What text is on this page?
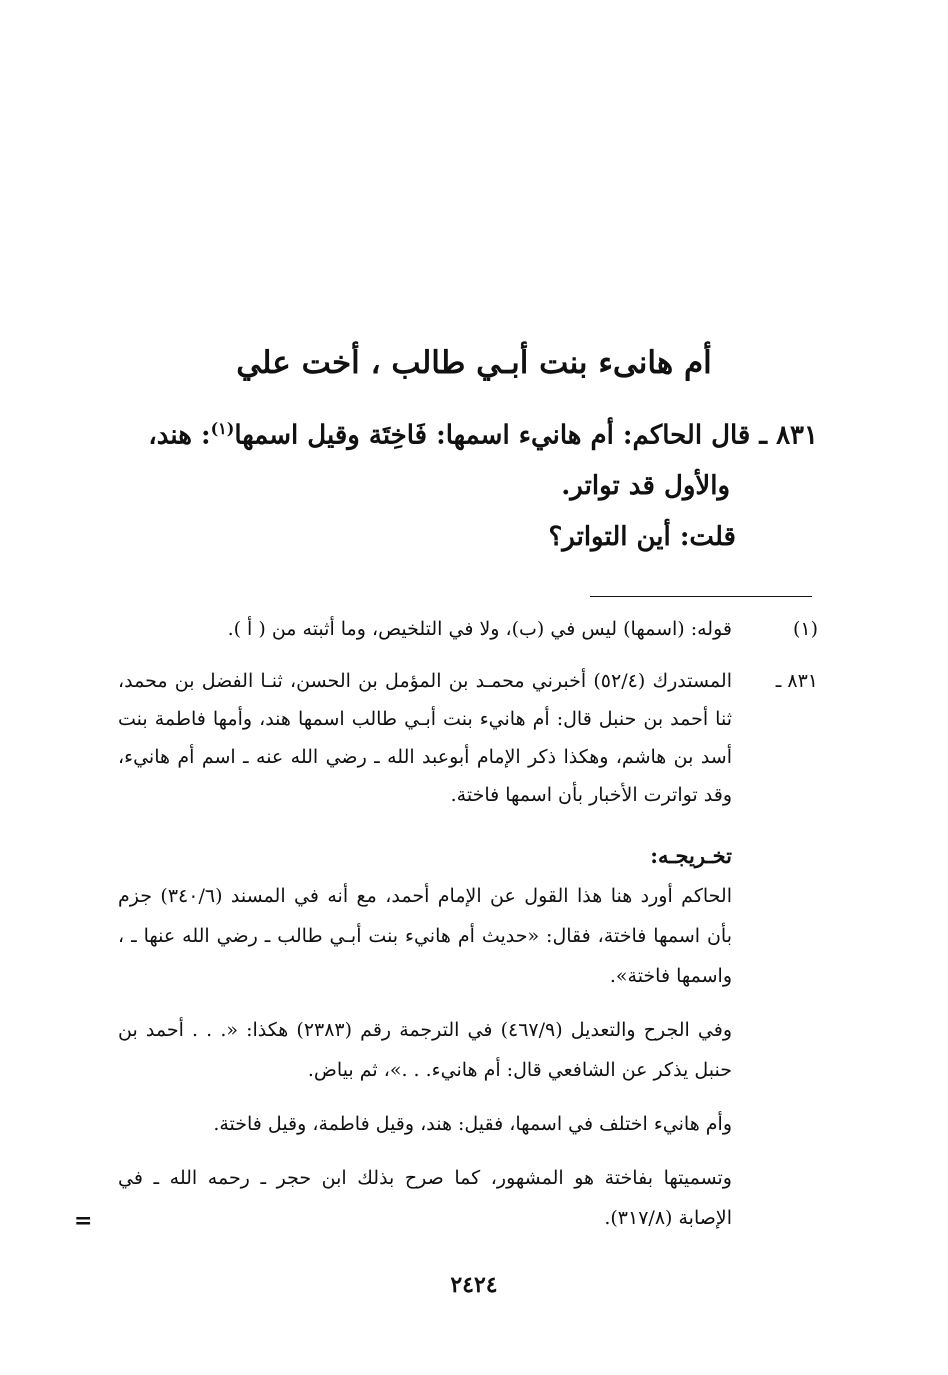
أم هانىء بنت أبـي طالب ، أخت علي
٨٣١ ـ قال الحاكم: أم هانيء اسمها: فَاخِتَة وقيل اسمها$^{(١)}$: هند،
والأول قد تواتر.
قلت: أين التواتر؟
(١)قوله: (اسمها) ليس في (ب)، ولا في التلخيص، وما أثبته من ( أ ).
٨٣١ ـ
المستدرك (٥٢/٤) أخبرني محمـد بن المؤمل بن الحسن، ثنـا الفضل بن محمد، ثنا أحمد بن حنبل قال: أم هانيء بنت أبـي طالب اسمها هند، وأمها فاطمة بنت أسد بن هاشم، وهكذا ذكر الإمام أبوعبد الله ـ رضي الله عنه ـ اسم أم هانيء، وقد تواترت الأخبار بأن اسمها فاختة.
تخـريجـه:
الحاكم أورد هنا هذا القول عن الإمام أحمد، مع أنه في المسند (٣٤٠/٦) جزم بأن اسمها فاختة، فقال: «حديث أم هانيء بنت أبـي طالب ـ رضي الله عنها ـ ، واسمها فاختة».
وفي الجرح والتعديل (٤٦٧/٩) في الترجمة رقم (٢٣٨٣) هكذا: «. . . أحمد بن حنبل يذكر عن الشافعي قال: أم هانيء. . .»، ثم بياض.
وأم هانيء اختلف في اسمها، فقيل: هند، وقيل فاطمة، وقيل فاختة.
وتسميتها بفاختة هو المشهور، كما صرح بذلك ابن حجر ـ رحمه الله ـ في الإصابة (٣١٧/٨).
=
٢٤٢٤
